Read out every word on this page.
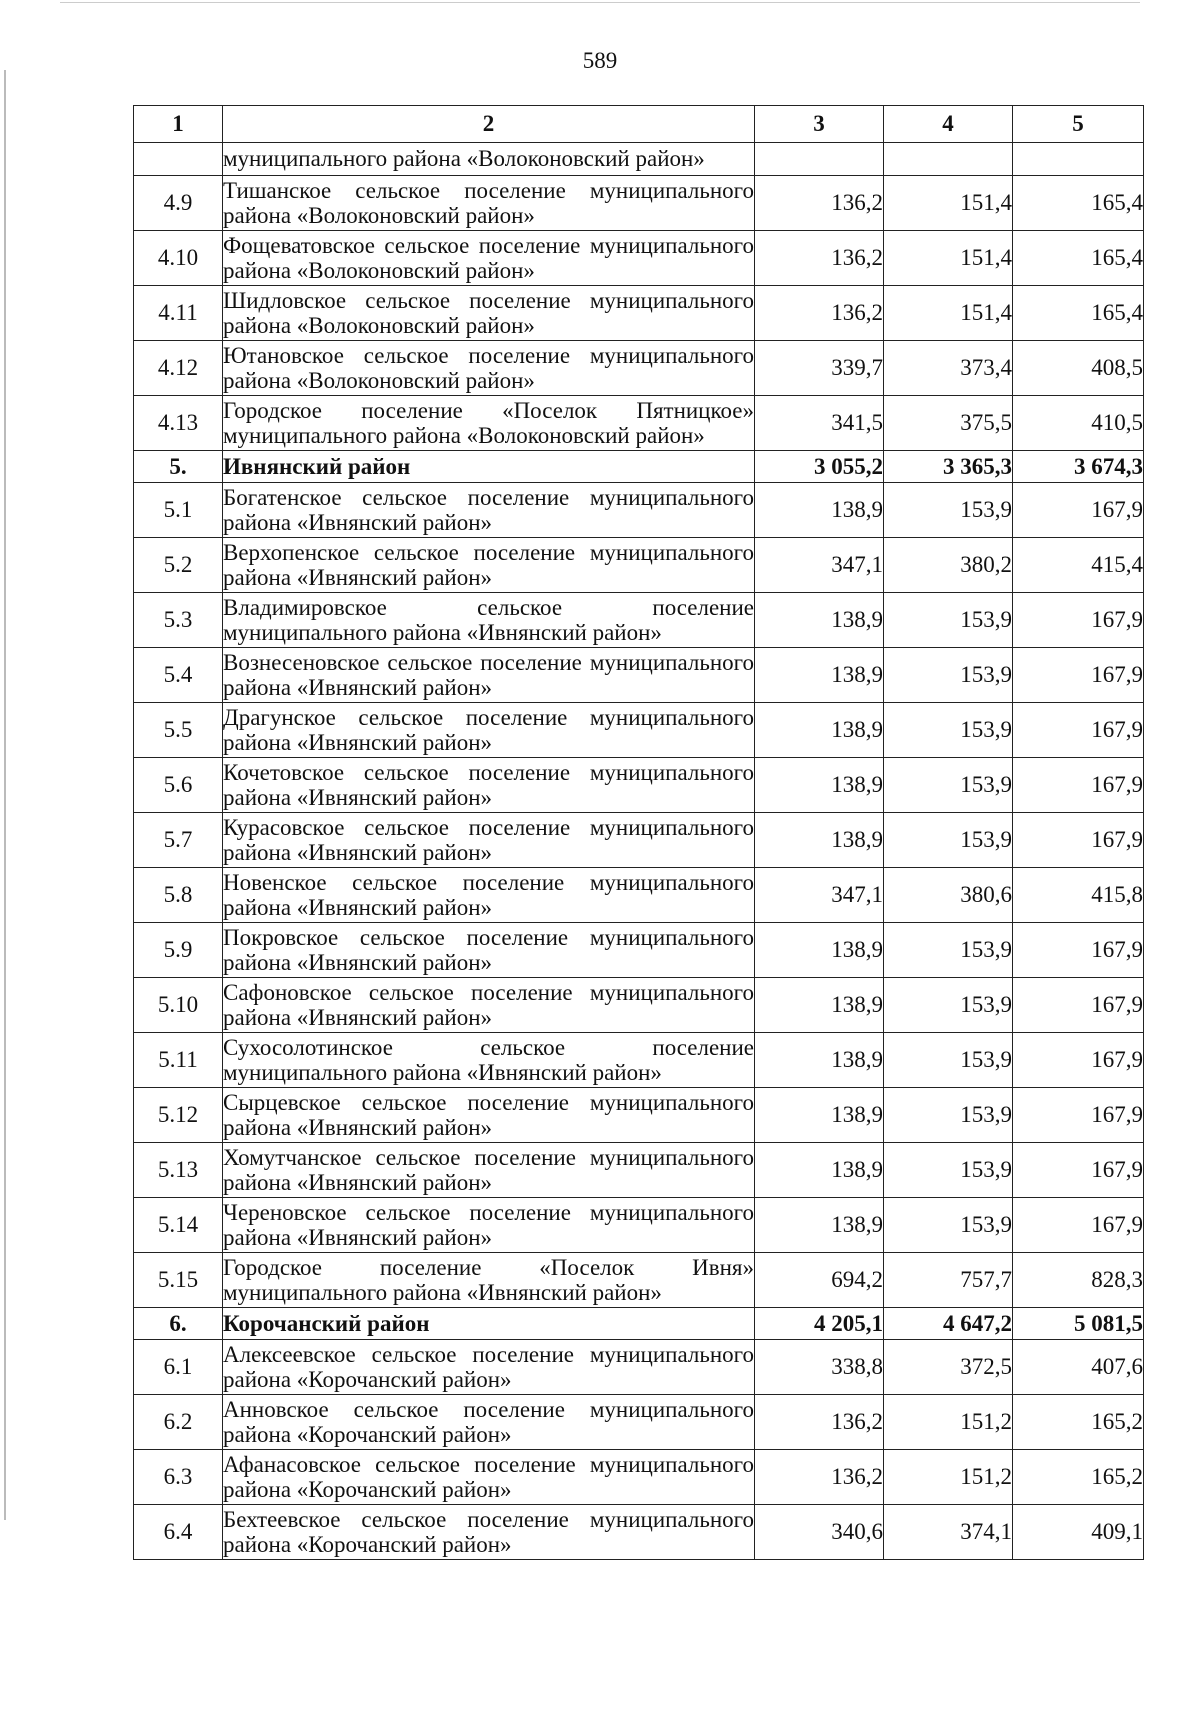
589
1	2	3	4	5
	муниципального района «Волоконовский район»			
4.9	Тишанское сельское поселение муниципального района «Волоконовский район»	136,2	151,4	165,4
4.10	Фощеватовское сельское поселение муниципального района «Волоконовский район»	136,2	151,4	165,4
4.11	Шидловское сельское поселение муниципального района «Волоконовский район»	136,2	151,4	165,4
4.12	Ютановское сельское поселение муниципального района «Волоконовский район»	339,7	373,4	408,5
4.13	Городское поселение «Поселок Пятницкое» муниципального района «Волоконовский район»	341,5	375,5	410,5
5.	Ивнянский район	3 055,2	3 365,3	3 674,3
5.1	Богатенское сельское поселение муниципального района «Ивнянский район»	138,9	153,9	167,9
5.2	Верхопенское сельское поселение муниципального района «Ивнянский район»	347,1	380,2	415,4
5.3	Владимировское сельское поселение муниципального района «Ивнянский район»	138,9	153,9	167,9
5.4	Вознесеновское сельское поселение муниципального района «Ивнянский район»	138,9	153,9	167,9
5.5	Драгунское сельское поселение муниципального района «Ивнянский район»	138,9	153,9	167,9
5.6	Кочетовское сельское поселение муниципального района «Ивнянский район»	138,9	153,9	167,9
5.7	Курасовское сельское поселение муниципального района «Ивнянский район»	138,9	153,9	167,9
5.8	Новенское сельское поселение муниципального района «Ивнянский район»	347,1	380,6	415,8
5.9	Покровское сельское поселение муниципального района «Ивнянский район»	138,9	153,9	167,9
5.10	Сафоновское сельское поселение муниципального района «Ивнянский район»	138,9	153,9	167,9
5.11	Сухосолотинское сельское поселение муниципального района «Ивнянский район»	138,9	153,9	167,9
5.12	Сырцевское сельское поселение муниципального района «Ивнянский район»	138,9	153,9	167,9
5.13	Хомутчанское сельское поселение муниципального района «Ивнянский район»	138,9	153,9	167,9
5.14	Череновское сельское поселение муниципального района «Ивнянский район»	138,9	153,9	167,9
5.15	Городское поселение «Поселок Ивня» муниципального района «Ивнянский район»	694,2	757,7	828,3
6.	Корочанский район	4 205,1	4 647,2	5 081,5
6.1	Алексеевское сельское поселение муниципального района «Корочанский район»	338,8	372,5	407,6
6.2	Анновское сельское поселение муниципального района «Корочанский район»	136,2	151,2	165,2
6.3	Афанасовское сельское поселение муниципального района «Корочанский район»	136,2	151,2	165,2
6.4	Бехтеевское сельское поселение муниципального района «Корочанский район»	340,6	374,1	409,1
